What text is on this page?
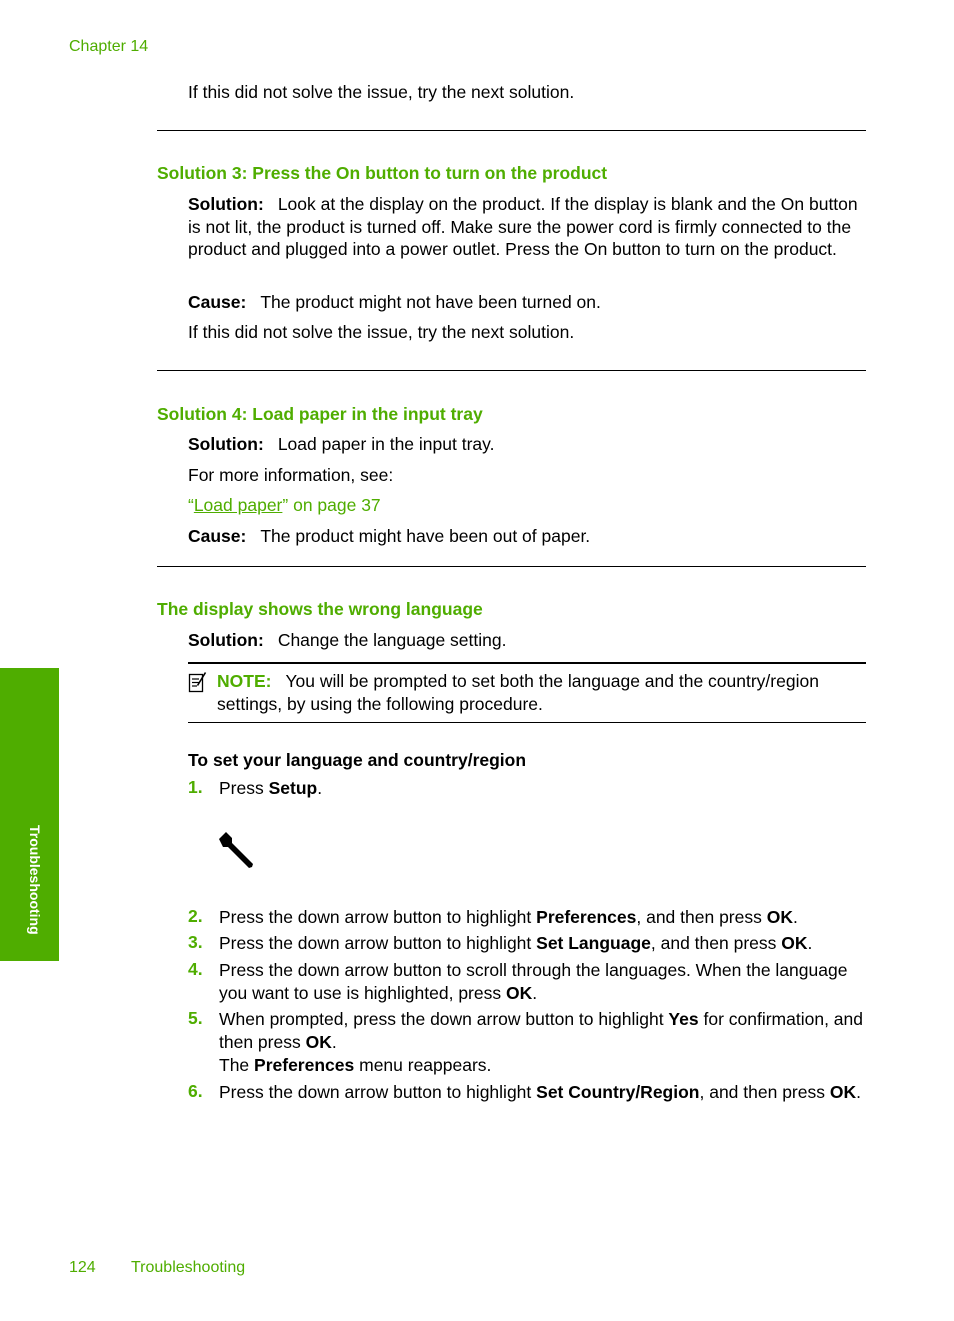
Chapter 14
If this did not solve the issue, try the next solution.
Solution 3: Press the On button to turn on the product
Solution: Look at the display on the product. If the display is blank and the On button is not lit, the product is turned off. Make sure the power cord is firmly connected to the product and plugged into a power outlet. Press the On button to turn on the product.
Cause: The product might not have been turned on.
If this did not solve the issue, try the next solution.
Solution 4: Load paper in the input tray
Solution: Load paper in the input tray.
For more information, see:
“Load paper” on page 37
Cause: The product might have been out of paper.
The display shows the wrong language
Solution: Change the language setting.
NOTE: You will be prompted to set both the language and the country/region settings, by using the following procedure.
To set your language and country/region
1. Press Setup.
2. Press the down arrow button to highlight Preferences, and then press OK.
3. Press the down arrow button to highlight Set Language, and then press OK.
4. Press the down arrow button to scroll through the languages. When the language you want to use is highlighted, press OK.
5. When prompted, press the down arrow button to highlight Yes for confirmation, and then press OK.
The Preferences menu reappears.
6. Press the down arrow button to highlight Set Country/Region, and then press OK.
Troubleshooting
124 Troubleshooting
